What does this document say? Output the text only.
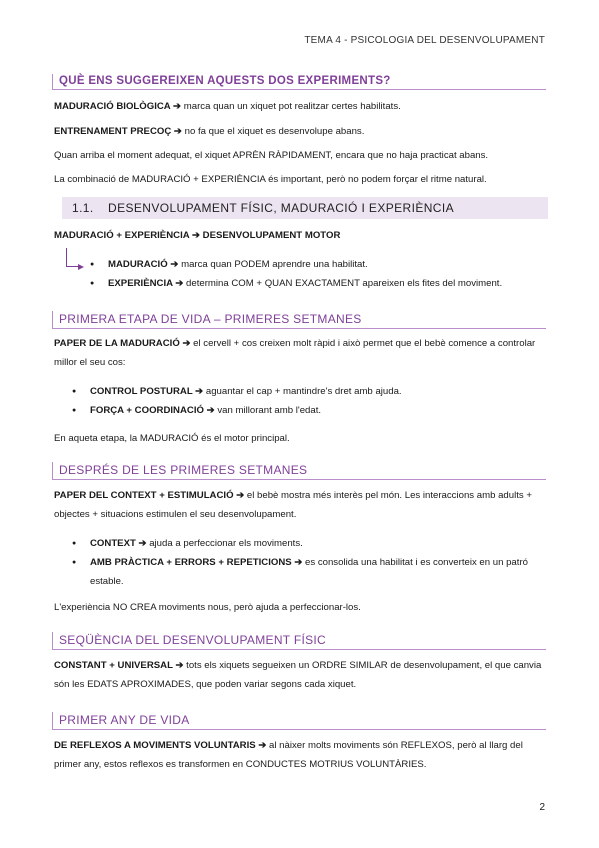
TEMA 4 - PSICOLOGIA DEL DESENVOLUPAMENT
QUÈ ENS SUGGEREIXEN AQUESTS DOS EXPERIMENTS?
MADURACIÓ BIOLÒGICA ➔ marca quan un xiquet pot realitzar certes habilitats.
ENTRENAMENT PRECOÇ ➔ no fa que el xiquet es desenvolupe abans.
Quan arriba el moment adequat, el xiquet APRÈN RÀPIDAMENT, encara que no haja practicat abans.
La combinació de MADURACIÓ + EXPERIÈNCIA és important, però no podem forçar el ritme natural.
1.1. DESENVOLUPAMENT FÍSIC, MADURACIÓ I EXPERIÈNCIA
MADURACIÓ + EXPERIÈNCIA ➔ DESENVOLUPAMENT MOTOR
● MADURACIÓ ➔ marca quan PODEM aprendre una habilitat.
● EXPERIÈNCIA ➔ determina COM + QUAN EXACTAMENT apareixen els fites del moviment.
PRIMERA ETAPA DE VIDA – PRIMERES SETMANES
PAPER DE LA MADURACIÓ ➔ el cervell + cos creixen molt ràpid i això permet que el bebè comence a controlar millor el seu cos:
● CONTROL POSTURAL ➔ aguantar el cap + mantindre's dret amb ajuda.
● FORÇA + COORDINACIÓ ➔ van millorant amb l'edat.
En aqueta etapa, la MADURACIÓ és el motor principal.
DESPRÉS DE LES PRIMERES SETMANES
PAPER DEL CONTEXT + ESTIMULACIÓ ➔ el bebè mostra més interès pel món. Les interaccions amb adults + objectes + situacions estimulen el seu desenvolupament.
● CONTEXT ➔ ajuda a perfeccionar els moviments.
● AMB PRÀCTICA + ERRORS + REPETICIONS ➔ es consolida una habilitat i es converteix en un patró estable.
L'experiència NO CREA moviments nous, però ajuda a perfeccionar-los.
SEQÜÈNCIA DEL DESENVOLUPAMENT FÍSIC
CONSTANT + UNIVERSAL ➔ tots els xiquets segueixen un ORDRE SIMILAR de desenvolupament, el que canvia són les EDATS APROXIMADES, que poden variar segons cada xiquet.
PRIMER ANY DE VIDA
DE REFLEXOS A MOVIMENTS VOLUNTARIS ➔ al nàixer molts moviments són REFLEXOS, però al llarg del primer any, estos reflexos es transformen en CONDUCTES MOTRIUS VOLUNTÀRIES.
2
